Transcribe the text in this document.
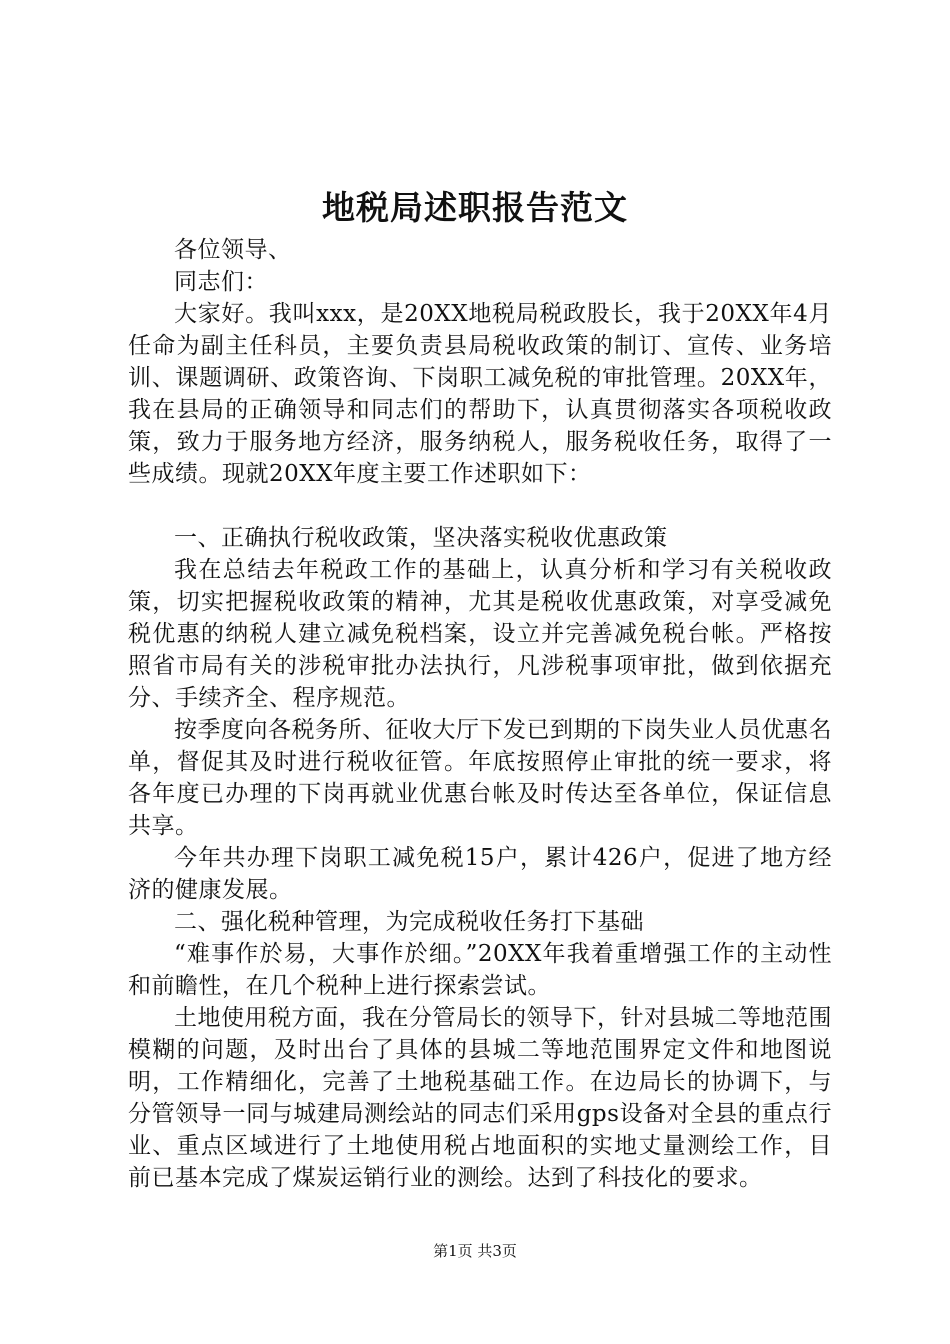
地税局述职报告范文

各位领导、

同志们：

大家好。我叫xxx，是20XX地税局税政股长，我于20XX年4月任命为副主任科员，主要负责县局税收政策的制订、宣传、业务培训、课题调研、政策咨询、下岗职工减免税的审批管理。20XX年，我在县局的正确领导和同志们的帮助下，认真贯彻落实各项税收政策，致力于服务地方经济，服务纳税人，服务税收任务，取得了一些成绩。现就20XX年度主要工作述职如下：

一、正确执行税收政策，坚决落实税收优惠政策

我在总结去年税政工作的基础上，认真分析和学习有关税收政策，切实把握税收政策的精神，尤其是税收优惠政策，对享受减免税优惠的纳税人建立减免税档案，设立并完善减免税台帐。严格按照省市局有关的涉税审批办法执行，凡涉税事项审批，做到依据充分、手续齐全、程序规范。

按季度向各税务所、征收大厅下发已到期的下岗失业人员优惠名单，督促其及时进行税收征管。年底按照停止审批的统一要求，将各年度已办理的下岗再就业优惠台帐及时传达至各单位，保证信息共享。

今年共办理下岗职工减免税15户，累计426户，促进了地方经济的健康发展。

二、强化税种管理，为完成税收任务打下基础

“难事作於易，大事作於细。”20XX年我着重增强工作的主动性和前瞻性，在几个税种上进行探索尝试。

土地使用税方面，我在分管局长的领导下，针对县城二等地范围模糊的问题，及时出台了具体的县城二等地范围界定文件和地图说明，工作精细化，完善了土地税基础工作。在边局长的协调下，与分管领导一同与城建局测绘站的同志们采用gps设备对全县的重点行业、重点区域进行了土地使用税占地面积的实地丈量测绘工作，目前已基本完成了煤炭运销行业的测绘。达到了科技化的要求。

第1页 共3页
